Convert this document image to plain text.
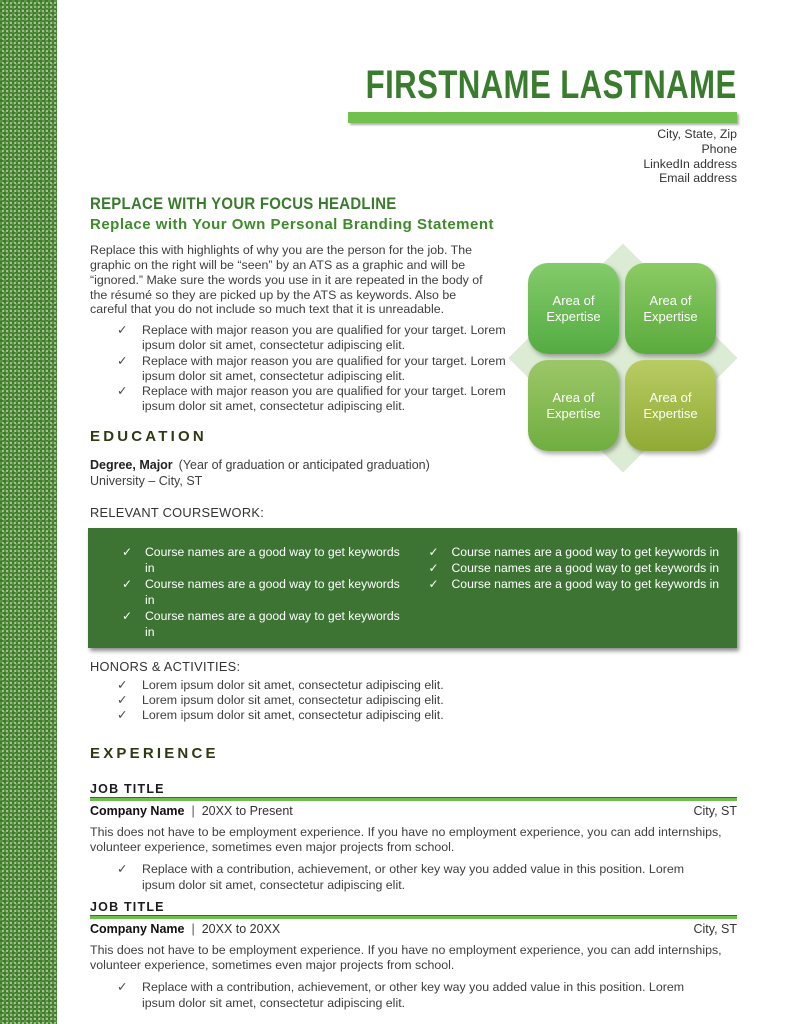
Area of Expertise
Area of Expertise
Area of Expertise
Area of Expertise
FIRSTNAME LASTNAME
City, State, Zip
Phone
LinkedIn address
Email address
REPLACE WITH YOUR FOCUS HEADLINE
Replace with Your Own Personal Branding Statement

Replace this with highlights of why you are the person for the job. The graphic on the right will be “seen” by an ATS as a graphic and will be “ignored.” Make sure the words you use in it are repeated in the body of the résumé so they are picked up by the ATS as keywords. Also be careful that you do not include so much text that it is unreadable.

✓	Replace with major reason you are qualified for your target. Lorem ipsum dolor sit amet, consectetur adipiscing elit.
✓	Replace with major reason you are qualified for your target. Lorem ipsum dolor sit amet, consectetur adipiscing elit.
✓	Replace with major reason you are qualified for your target. Lorem ipsum dolor sit amet, consectetur adipiscing elit.
EDUCATION
Degree, Major (Year of graduation or anticipated graduation)
University – City, ST
RELEVANT COURSEWORK:
✓	Course names are a good way to get keywords in
✓	Course names are a good way to get keywords in
✓	Course names are a good way to get keywords in
✓	Course names are a good way to get keywords in
✓	Course names are a good way to get keywords in
✓	Course names are a good way to get keywords in
HONORS & ACTIVITIES:
✓	Lorem ipsum dolor sit amet, consectetur adipiscing elit.
✓	Lorem ipsum dolor sit amet, consectetur adipiscing elit.
✓	Lorem ipsum dolor sit amet, consectetur adipiscing elit.
EXPERIENCE
JOB TITLE
Company Name | 20XX to Present	City, ST

This does not have to be employment experience. If you have no employment experience, you can add internships, volunteer experience, sometimes even major projects from school.

✓	Replace with a contribution, achievement, or other key way you added value in this position. Lorem ipsum dolor sit amet, consectetur adipiscing elit.
JOB TITLE
Company Name | 20XX to 20XX	City, ST

This does not have to be employment experience. If you have no employment experience, you can add internships, volunteer experience, sometimes even major projects from school.

✓	Replace with a contribution, achievement, or other key way you added value in this position. Lorem ipsum dolor sit amet, consectetur adipiscing elit.
